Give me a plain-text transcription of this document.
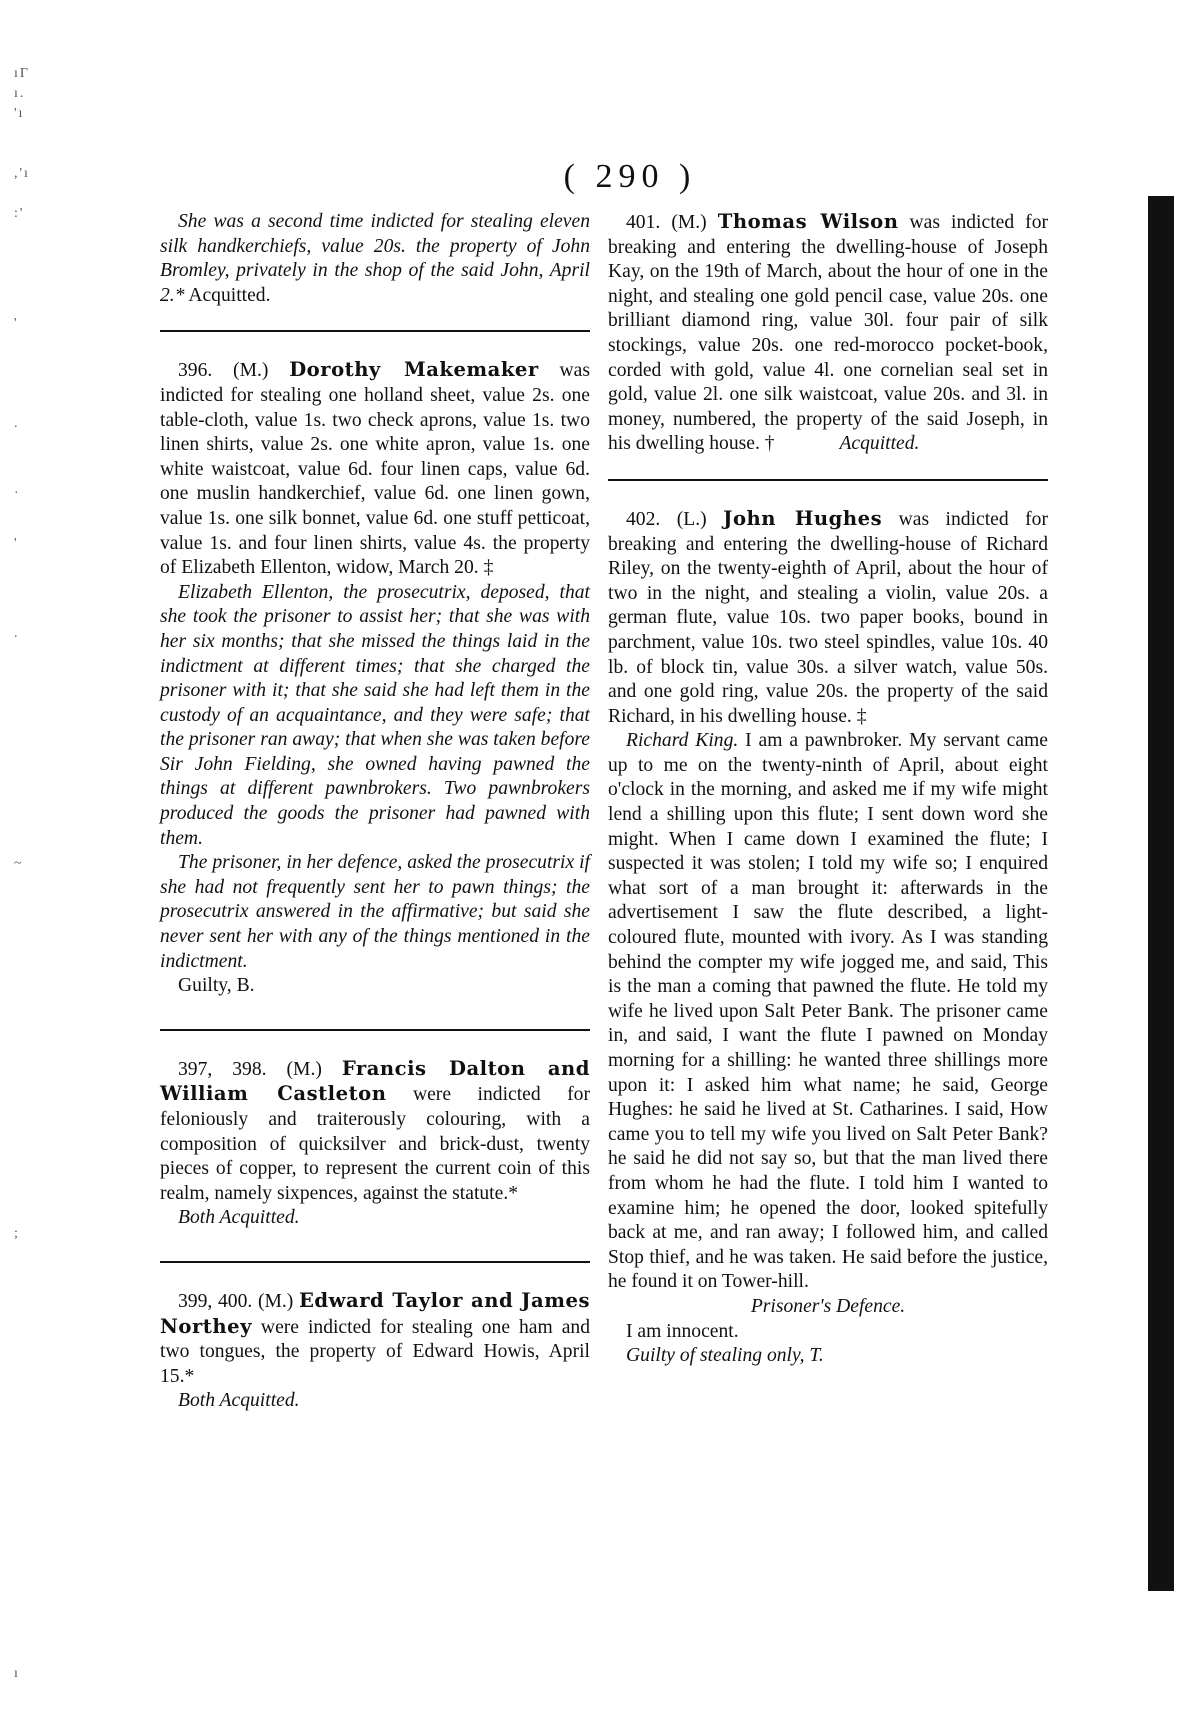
( 290 )
ıΓ
ı.
'ı
,'ı
:'
'
.
·
'
.
~
;
ı

She was a second time indicted for stealing eleven silk handkerchiefs, value 20s. the property of John Bromley, privately in the shop of the said John, April 2.* Acquitted.

396. (M.) Dorothy Makemaker was indicted for stealing one holland sheet, value 2s. one table-cloth, value 1s. two check aprons, value 1s. two linen shirts, value 2s. one white apron, value 1s. one white waistcoat, value 6d. four linen caps, value 6d. one muslin handkerchief, value 6d. one linen gown, value 1s. one silk bonnet, value 6d. one stuff petticoat, value 1s. and four linen shirts, value 4s. the property of Elizabeth Ellenton, widow, March 20. ‡

Elizabeth Ellenton, the prosecutrix, deposed, that she took the prisoner to assist her; that she was with her six months; that she missed the things laid in the indictment at different times; that she charged the prisoner with it; that she said she had left them in the custody of an acquaintance, and they were safe; that the prisoner ran away; that when she was taken before Sir John Fielding, she owned having pawned the things at different pawnbrokers. Two pawnbrokers produced the goods the prisoner had pawned with them.

The prisoner, in her defence, asked the prosecutrix if she had not frequently sent her to pawn things; the prosecutrix answered in the affirmative; but said she never sent her with any of the things mentioned in the indictment.

Guilty, B.

397, 398. (M.) Francis Dalton and William Castleton were indicted for feloniously and traiterously colouring, with a composition of quicksilver and brick-dust, twenty pieces of copper, to represent the current coin of this realm, namely sixpences, against the statute.*

Both Acquitted.

399, 400. (M.) Edward Taylor and James Northey were indicted for stealing one ham and two tongues, the property of Edward Howis, April 15.*

Both Acquitted.

401. (M.) Thomas Wilson was indicted for breaking and entering the dwelling-house of Joseph Kay, on the 19th of March, about the hour of one in the night, and stealing one gold pencil case, value 20s. one brilliant diamond ring, value 30l. four pair of silk stockings, value 20s. one red-morocco pocket-book, corded with gold, value 4l. one cornelian seal set in gold, value 2l. one silk waistcoat, value 20s. and 3l. in money, numbered, the property of the said Joseph, in his dwelling house. †	Acquitted.

402. (L.) John Hughes was indicted for breaking and entering the dwelling-house of Richard Riley, on the twenty-eighth of April, about the hour of two in the night, and stealing a violin, value 20s. a german flute, value 10s. two paper books, bound in parchment, value 10s. two steel spindles, value 10s. 40 lb. of block tin, value 30s. a silver watch, value 50s. and one gold ring, value 20s. the property of the said Richard, in his dwelling house. ‡

Richard King. I am a pawnbroker. My servant came up to me on the twenty-ninth of April, about eight o'clock in the morning, and asked me if my wife might lend a shilling upon this flute; I sent down word she might. When I came down I examined the flute; I suspected it was stolen; I told my wife so; I enquired what sort of a man brought it: afterwards in the advertisement I saw the flute described, a light-coloured flute, mounted with ivory. As I was standing behind the compter my wife jogged me, and said, This is the man a coming that pawned the flute. He told my wife he lived upon Salt Peter Bank. The prisoner came in, and said, I want the flute I pawned on Monday morning for a shilling: he wanted three shillings more upon it: I asked him what name; he said, George Hughes: he said he lived at St. Catharines. I said, How came you to tell my wife you lived on Salt Peter Bank? he said he did not say so, but that the man lived there from whom he had the flute. I told him I wanted to examine him; he opened the door, looked spitefully back at me, and ran away; I followed him, and called Stop thief, and he was taken. He said before the justice, he found it on Tower-hill.

Prisoner's Defence.

I am innocent.

Guilty of stealing only, T.
